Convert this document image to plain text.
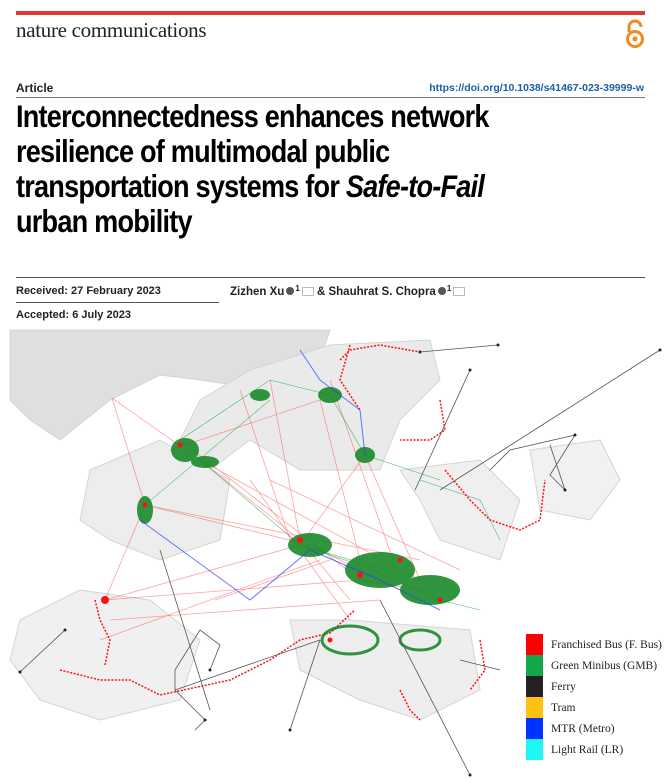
nature communications
Article	https://doi.org/10.1038/s41467-023-39999-w
Interconnectedness enhances network resilience of multimodal public transportation systems for Safe-to-Fail urban mobility
Received: 27 February 2023
Accepted: 6 July 2023
Zizhen Xu $^1$ & Shauhrat S. Chopra $^1$
Franchised Bus (F. Bus)
Green Minibus (GMB)
Ferry
Tram
MTR (Metro)
Light Rail (LR)
